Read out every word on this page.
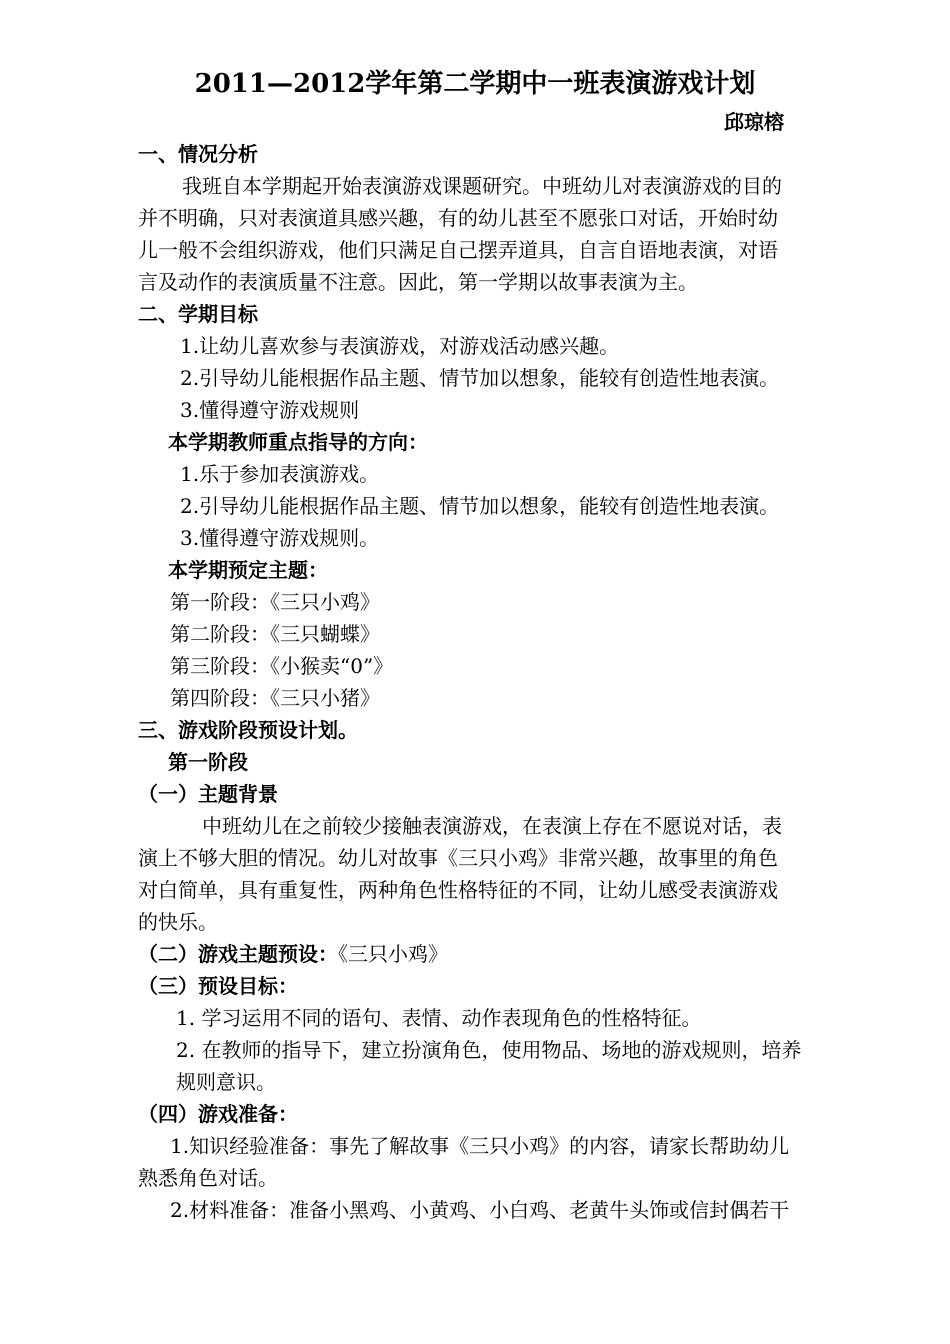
2011—2012学年第二学期中一班表演游戏计划
邱琼榕
一、情况分析
我班自本学期起开始表演游戏课题研究。中班幼儿对表演游戏的目的
并不明确，只对表演道具感兴趣，有的幼儿甚至不愿张口对话，开始时幼
儿一般不会组织游戏，他们只满足自己摆弄道具，自言自语地表演，对语
言及动作的表演质量不注意。因此，第一学期以故事表演为主。
二、学期目标
1.让幼儿喜欢参与表演游戏，对游戏活动感兴趣。
2.引导幼儿能根据作品主题、情节加以想象，能较有创造性地表演。
3.懂得遵守游戏规则
本学期教师重点指导的方向：
1.乐于参加表演游戏。
2.引导幼儿能根据作品主题、情节加以想象，能较有创造性地表演。
3.懂得遵守游戏规则。
本学期预定主题：
第一阶段：《三只小鸡》
第二阶段：《三只蝴蝶》
第三阶段：《小猴卖“0”》
第四阶段：《三只小猪》
三、游戏阶段预设计划。
第一阶段
（一）主题背景
中班幼儿在之前较少接触表演游戏，在表演上存在不愿说对话，表
演上不够大胆的情况。幼儿对故事《三只小鸡》非常兴趣，故事里的角色
对白简单，具有重复性，两种角色性格特征的不同，让幼儿感受表演游戏
的快乐。
（二）游戏主题预设：《三只小鸡》
（三）预设目标：
1. 学习运用不同的语句、表情、动作表现角色的性格特征。
2. 在教师的指导下，建立扮演角色，使用物品、场地的游戏规则，培养
规则意识。
（四）游戏准备：
1.知识经验准备：事先了解故事《三只小鸡》的内容，请家长帮助幼儿
熟悉角色对话。
2.材料准备：准备小黑鸡、小黄鸡、小白鸡、老黄牛头饰或信封偶若干
